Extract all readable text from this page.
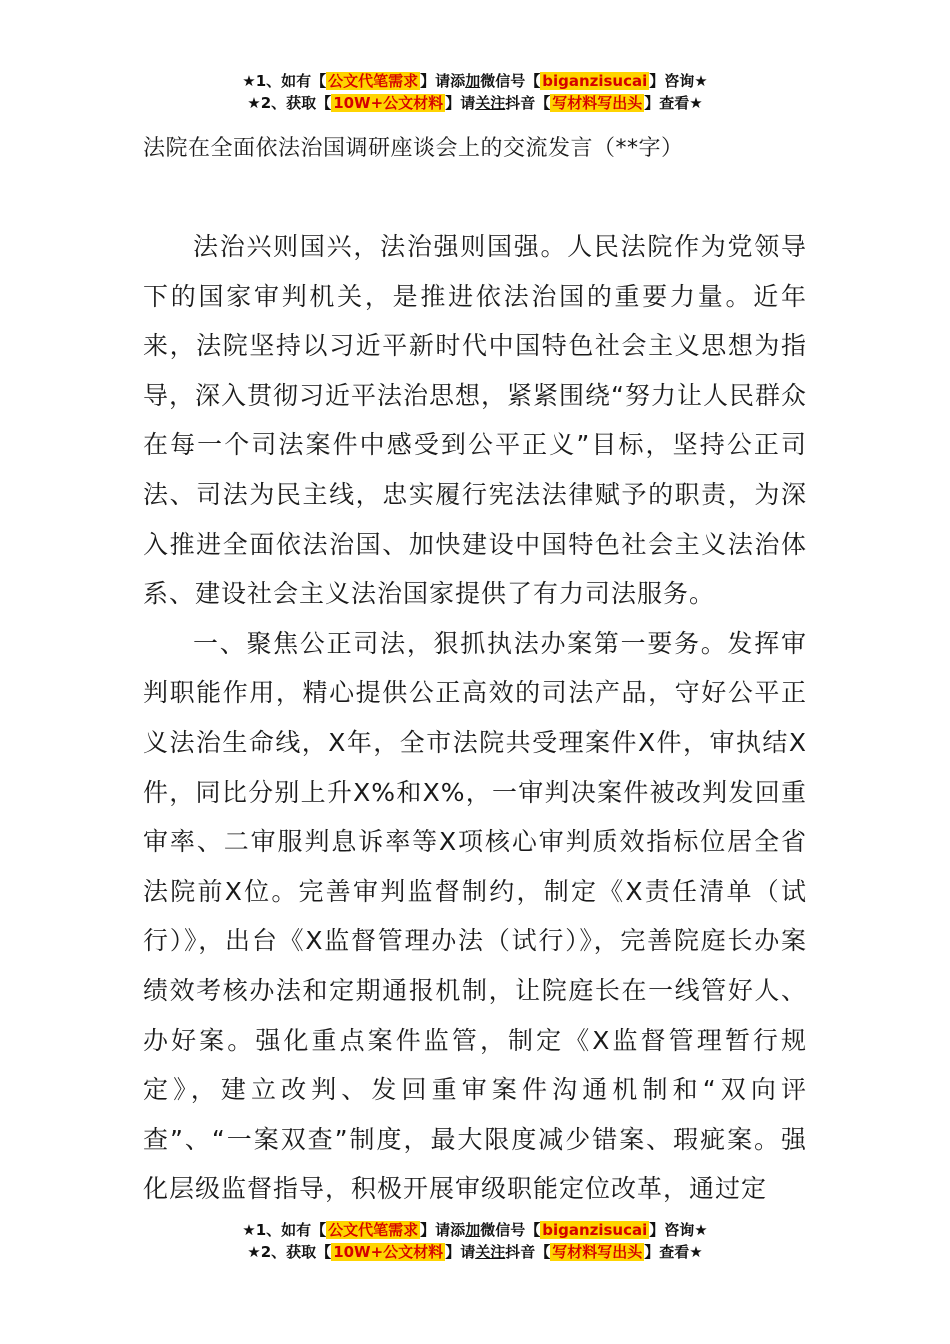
★1、如有【 公文代笔需求 】请添加微信号【 biganzisucai 】咨询★
★2、获取【 10W+公文材料 】请关注抖音【 写材料写出头 】查看★
法院在全面依法治国调研座谈会上的交流发言（**字）

法治兴则国兴，法治强则国强。人民法院作为党领导下的国家审判机关，是推进依法治国的重要力量。近年来，法院坚持以习近平新时代中国特色社会主义思想为指导，深入贯彻习近平法治思想，紧紧围绕“努力让人民群众在每一个司法案件中感受到公平正义”目标，坚持公正司法、司法为民主线，忠实履行宪法法律赋予的职责，为深入推进全面依法治国、加快建设中国特色社会主义法治体系、建设社会主义法治国家提供了有力司法服务。

一、聚焦公正司法，狠抓执法办案第一要务。发挥审判职能作用，精心提供公正高效的司法产品，守好公平正义法治生命线，X年，全市法院共受理案件X件，审执结X件，同比分别上升X%和X%，一审判决案件被改判发回重审率、二审服判息诉率等X项核心审判质效指标位居全省法院前X位。完善审判监督制约，制定《X责任清单（试行）》，出台《X监督管理办法（试行）》，完善院庭长办案绩效考核办法和定期通报机制，让院庭长在一线管好人、办好案。强化重点案件监管，制定《X监督管理暂行规定》，建立改判、发回重审案件沟通机制和“双向评查”、“一案双查”制度，最大限度减少错案、瑕疵案。强化层级监督指导，积极开展审级职能定位改革，通过定

★1、如有【 公文代笔需求 】请添加微信号【 biganzisucai 】咨询★
★2、获取【 10W+公文材料 】请关注抖音【 写材料写出头 】查看★
